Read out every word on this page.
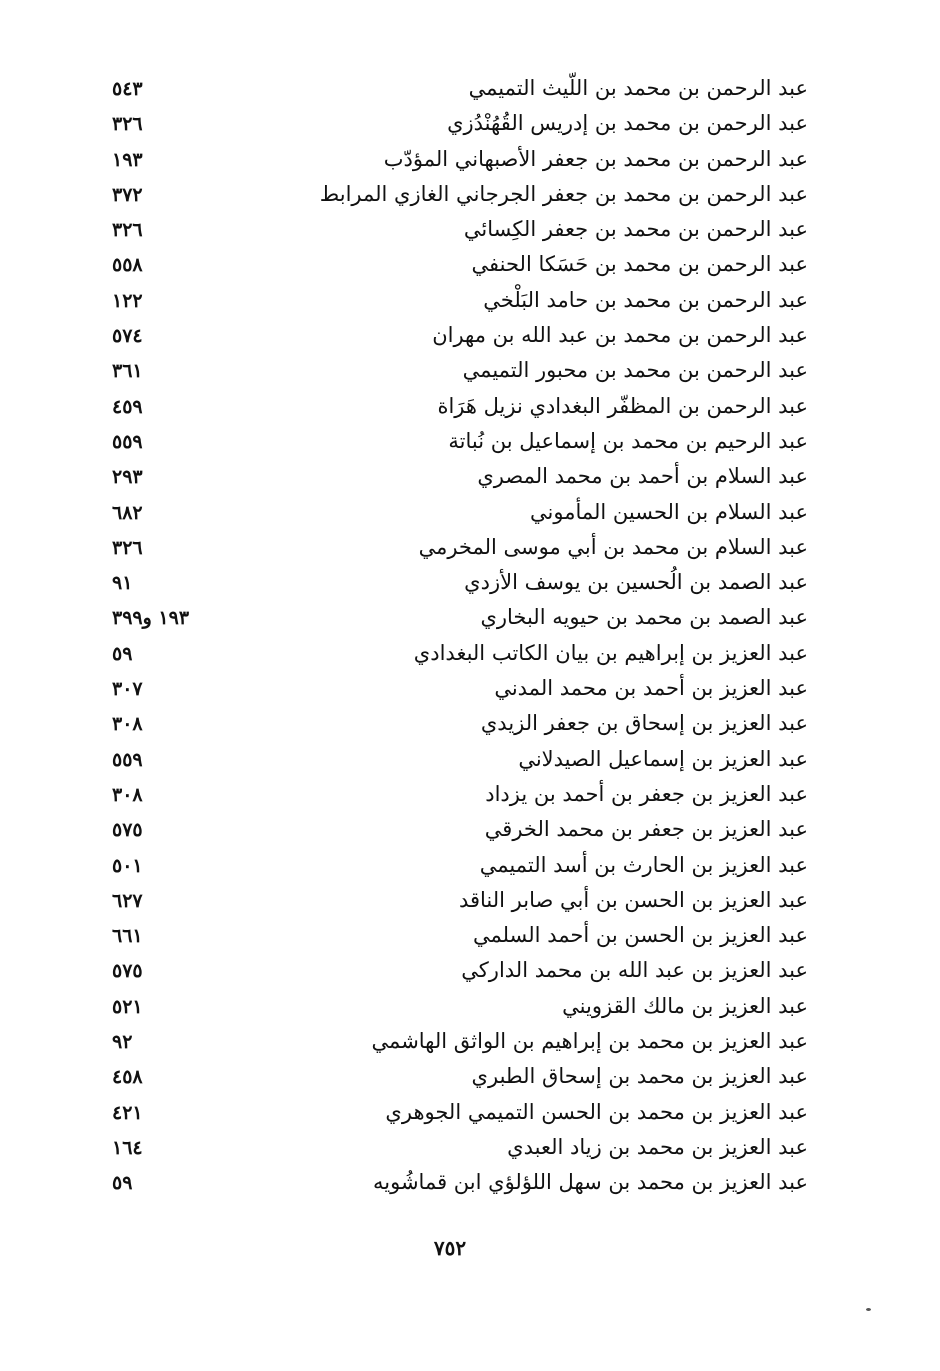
عبد الرحمن بن محمد بن اللّيث التميمي
٥٤٣
عبد الرحمن بن محمد بن إدريس القُهُنْدُزي
٣٢٦
عبد الرحمن بن محمد بن جعفر الأصبهاني المؤدّب
١٩٣
عبد الرحمن بن محمد بن جعفر الجرجاني الغازي المرابط
٣٧٢
عبد الرحمن بن محمد بن جعفر الكِسائي
٣٢٦
عبد الرحمن بن محمد بن حَسَكا الحنفي
٥٥٨
عبد الرحمن بن محمد بن حامد البَلْخي
١٢٢
عبد الرحمن بن محمد بن عبد الله بن مهران
٥٧٤
عبد الرحمن بن محمد بن محبور التميمي
٣٦١
عبد الرحمن بن المظفّر البغدادي نزيل هَرَاة
٤٥٩
عبد الرحيم بن محمد بن إسماعيل بن نُباتة
٥٥٩
عبد السلام بن أحمد بن محمد المصري
٢٩٣
عبد السلام بن الحسين المأموني
٦٨٢
عبد السلام بن محمد بن أبي موسى المخرمي
٣٢٦
عبد الصمد بن الُحسين بن يوسف الأزدي
٩١
عبد الصمد بن محمد بن حيويه البخاري
١٩٣ و٣٩٩
عبد العزيز بن إبراهيم بن بيان الكاتب البغدادي
٥٩
عبد العزيز بن أحمد بن محمد المدني
٣٠٧
عبد العزيز بن إسحاق بن جعفر الزيدي
٣٠٨
عبد العزيز بن إسماعيل الصيدلاني
٥٥٩
عبد العزيز بن جعفر بن أحمد بن يزداد
٣٠٨
عبد العزيز بن جعفر بن محمد الخرقي
٥٧٥
عبد العزيز بن الحارث بن أسد التميمي
٥٠١
عبد العزيز بن الحسن بن أبي صابر الناقد
٦٢٧
عبد العزيز بن الحسن بن أحمد السلمي
٦٦١
عبد العزيز بن عبد الله بن محمد الداركي
٥٧٥
عبد العزيز بن مالك القزويني
٥٢١
عبد العزيز بن محمد بن إبراهيم بن الواثق الهاشمي
٩٢
عبد العزيز بن محمد بن إسحاق الطبري
٤٥٨
عبد العزيز بن محمد بن الحسن التميمي الجوهري
٤٢١
عبد العزيز بن محمد بن زياد العبدي
١٦٤
عبد العزيز بن محمد بن سهل اللؤلؤي ابن قماشُويه
٥٩
٧٥٢
